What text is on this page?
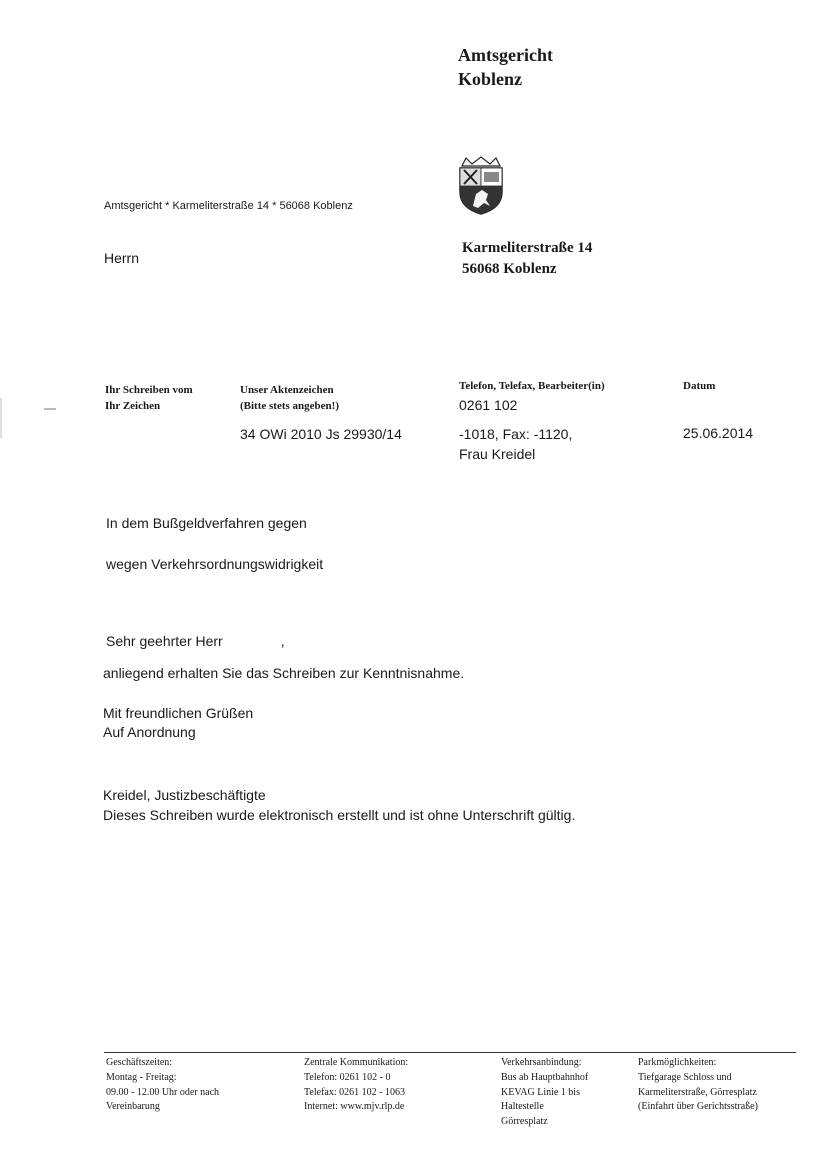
Amtsgericht
Koblenz
Amtsgericht * Karmeliterstraße 14 * 56068 Koblenz
Herrn
Karmeliterstraße 14
56068 Koblenz
Ihr Schreiben vom
Ihr Zeichen
Unser Aktenzeichen
(Bitte stets angeben!)
34 OWi 2010 Js 29930/14
Telefon, Telefax, Bearbeiter(in)
0261 102
-1018, Fax: -1120,
Frau Kreidel
Datum
25.06.2014
In dem Bußgeldverfahren gegen
wegen Verkehrsordnungswidrigkeit
Sehr geehrter Herr	,
anliegend erhalten Sie das Schreiben zur Kenntnisnahme.
Mit freundlichen Grüßen
Auf Anordnung
Kreidel, Justizbeschäftigte
Dieses Schreiben wurde elektronisch erstellt und ist ohne Unterschrift gültig.
Geschäftszeiten:
Montag - Freitag:
09.00 - 12.00 Uhr oder nach
Vereinbarung
Zentrale Kommunikation:
Telefon: 0261 102 - 0
Telefax: 0261 102 - 1063
Internet: www.mjv.rlp.de
Verkehrsanbindung:
Bus ab Hauptbahnhof
KEVAG Linie 1 bis
Haltestelle
Görresplatz
Parkmöglichkeiten:
Tiefgarage Schloss und
Karmeliterstraße, Görresplatz
(Einfahrt über Gerichtsstraße)
